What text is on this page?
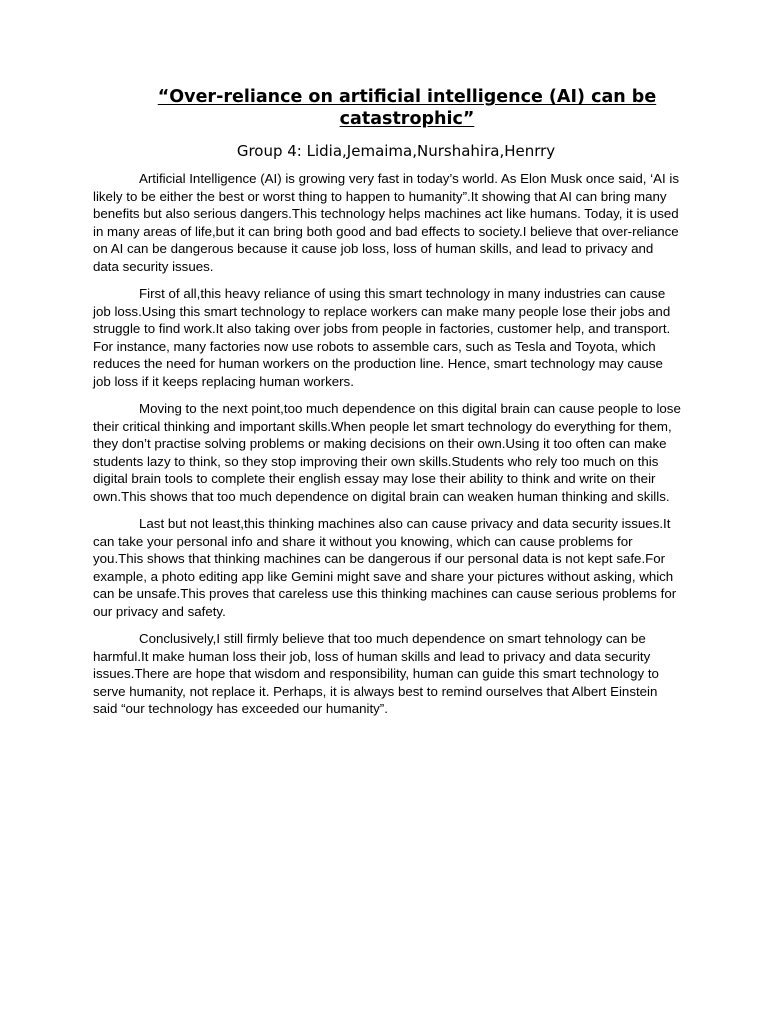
“Over-reliance on artificial intelligence (AI) can be catastrophic”
Group 4: Lidia,Jemaima,Nurshahira,Henrry

Artificial Intelligence (AI) is growing very fast in today’s world. As Elon Musk once said, ‘AI is likely to be either the best or worst thing to happen to humanity”.It showing that AI can bring many benefits but also serious dangers.This technology helps machines act like humans. Today, it is used in many areas of life,but it can bring both good and bad effects to society.I believe that over-reliance on AI can be dangerous because it cause job loss, loss of human skills, and lead to privacy and data security issues.

First of all,this heavy reliance of using this smart technology in many industries can cause job loss.Using this smart technology to replace workers can make many people lose their jobs and struggle to find work.It also taking over jobs from people in factories, customer help, and transport. For instance, many factories now use robots to assemble cars, such as Tesla and Toyota, which reduces the need for human workers on the production line. Hence, smart technology may cause job loss if it keeps replacing human workers.

Moving to the next point,too much dependence on this digital brain can cause people to lose their critical thinking and important skills.When people let smart technology do everything for them, they don’t practise solving problems or making decisions on their own.Using it too often can make students lazy to think, so they stop improving their own skills.Students who rely too much on this digital brain tools to complete their english essay may lose their ability to think and write on their own.This shows that too much dependence on digital brain can weaken human thinking and skills.

Last but not least,this thinking machines also can cause privacy and data security issues.It can take your personal info and share it without you knowing, which can cause problems for you.This shows that thinking machines can be dangerous if our personal data is not kept safe.For example, a photo editing app like Gemini might save and share your pictures without asking, which can be unsafe.This proves that careless use this thinking machines can cause serious problems for our privacy and safety.

Conclusively,I still firmly believe that too much dependence on smart tehnology can be harmful.It make human loss their job, loss of human skills and lead to privacy and data security issues.There are hope that wisdom and responsibility, human can guide this smart technology to serve humanity, not replace it. Perhaps, it is always best to remind ourselves that Albert Einstein said “our technology has exceeded our humanity”.
